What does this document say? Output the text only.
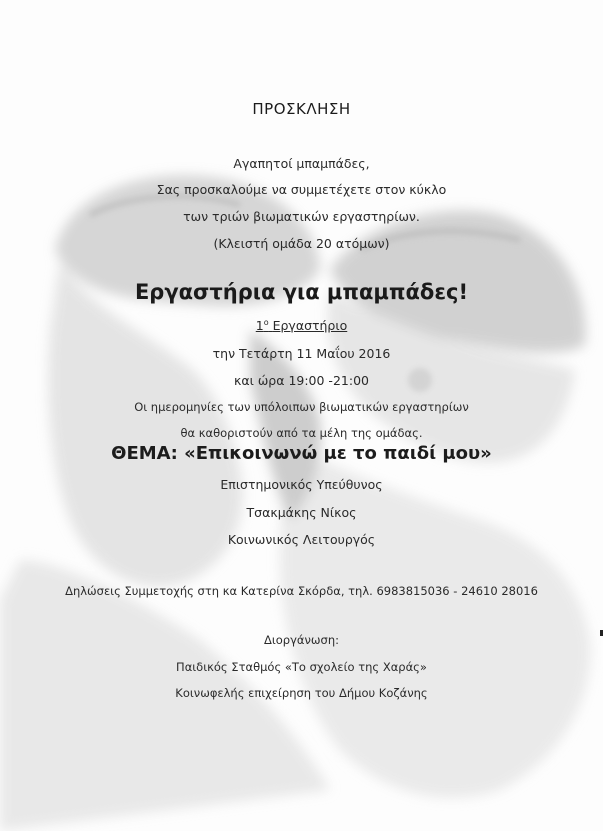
ΠΡΟΣΚΛΗΣΗ
Αγαπητοί μπαμπάδες,
Σας προσκαλούμε να συμμετέχετε στον κύκλο
των τριών βιωματικών εργαστηρίων.
(Κλειστή ομάδα 20 ατόμων)
Εργαστήρια για μπαμπάδες!
$1^o$ Εργαστήριο
την Τετάρτη 11 Μαΐου 2016
και ώρα 19:00 -21:00
Οι ημερομηνίες των υπόλοιπων βιωματικών εργαστηρίων
θα καθοριστούν από τα μέλη της ομάδας.
ΘΕΜΑ: «Επικοινωνώ με το παιδί μου»
Επιστημονικός Υπεύθυνος
Τσακμάκης Νίκος
Κοινωνικός Λειτουργός
Δηλώσεις Συμμετοχής στη κα Κατερίνα Σκόρδα, τηλ. 6983815036 - 24610 28016
Διοργάνωση:
Παιδικός Σταθμός «Το σχολείο της Χαράς»
Κοινωφελής επιχείρηση του Δήμου Κοζάνης
